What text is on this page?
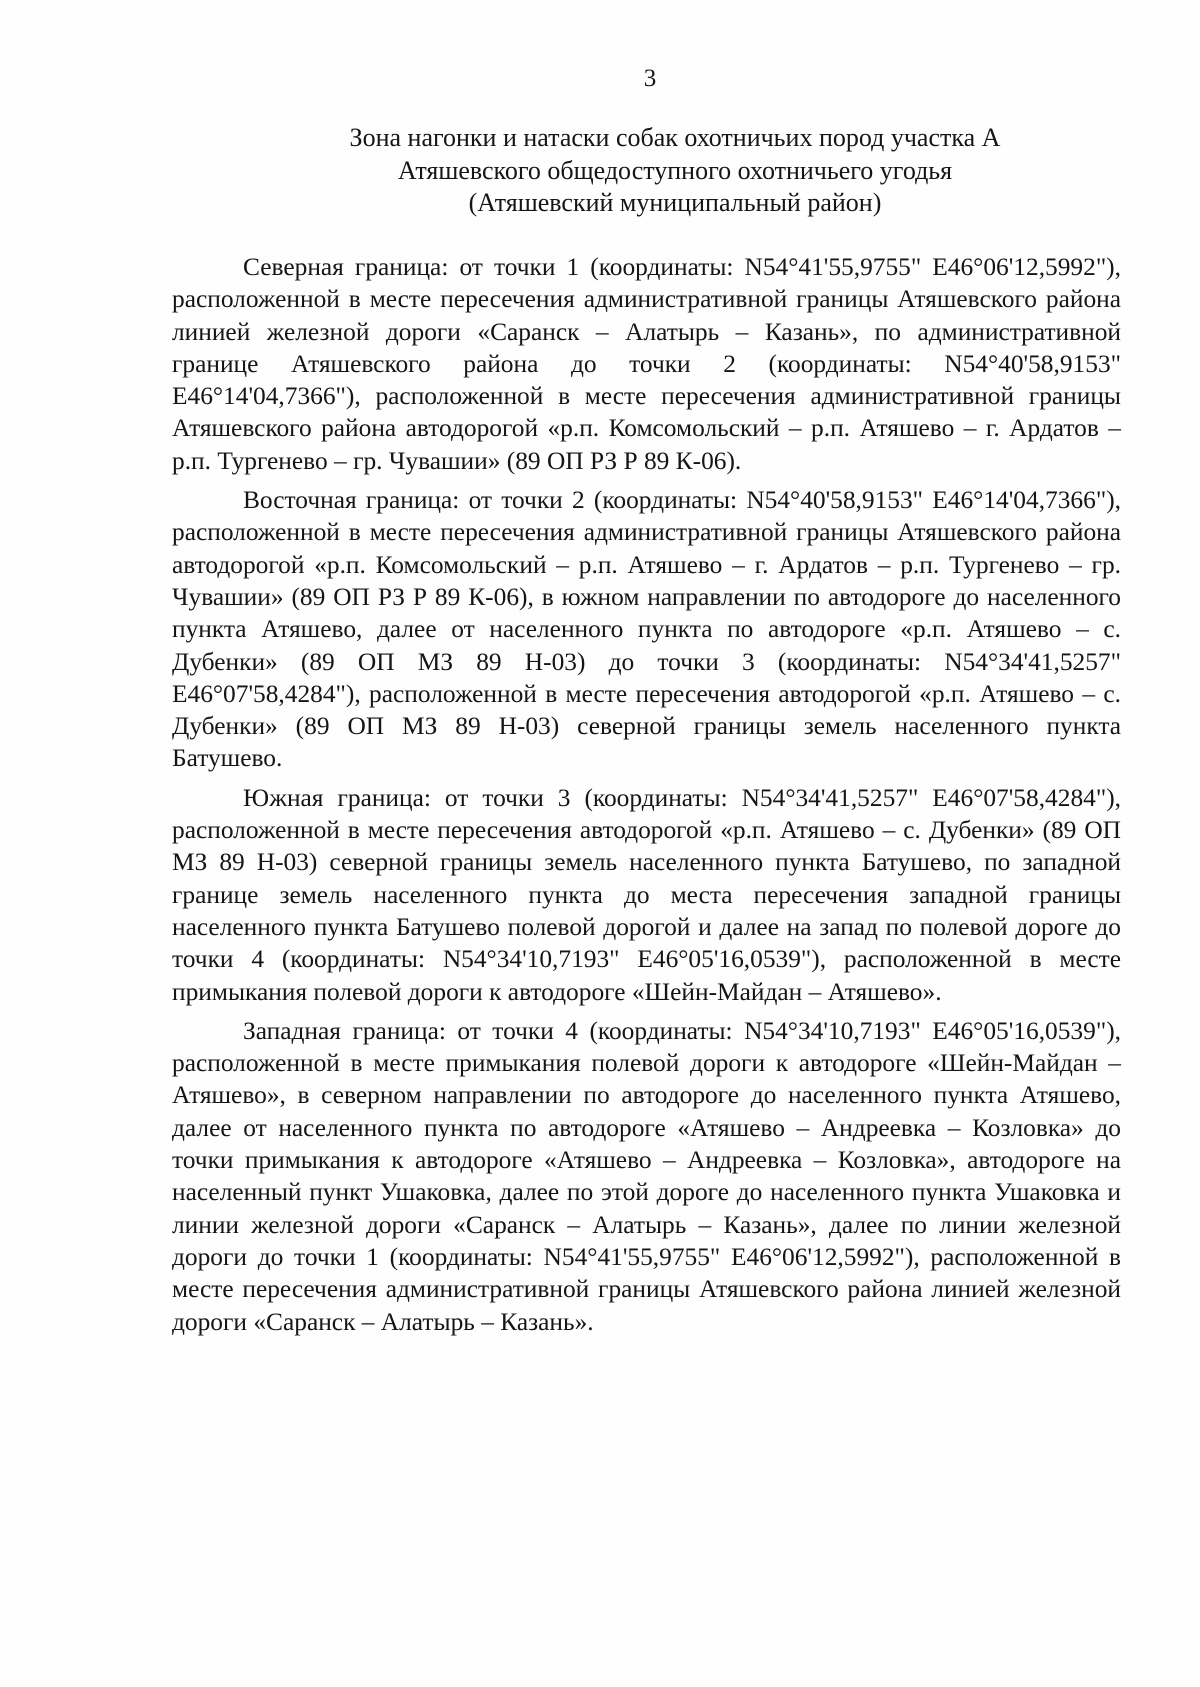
3
Зона нагонки и натаски собак охотничьих пород участка А
Атяшевского общедоступного охотничьего угодья
(Атяшевский муниципальный район)

Северная граница: от точки 1 (координаты: N54°41'55,9755" E46°06'12,5992"), расположенной в месте пересечения административной границы Атяшевского района линией железной дороги «Саранск – Алатырь – Казань», по административной границе Атяшевского района до точки 2 (координаты: N54°40'58,9153" E46°14'04,7366"), расположенной в месте пересечения административной границы Атяшевского района автодорогой «р.п. Комсомольский – р.п. Атяшево – г. Ардатов – р.п. Тургенево – гр. Чувашии» (89 ОП РЗ Р 89 К-06).

Восточная граница: от точки 2 (координаты: N54°40'58,9153" E46°14'04,7366"), расположенной в месте пересечения административной границы Атяшевского района автодорогой «р.п. Комсомольский – р.п. Атяшево – г. Ардатов – р.п. Тургенево – гр. Чувашии» (89 ОП РЗ Р 89 К-06), в южном направлении по автодороге до населенного пункта Атяшево, далее от населенного пункта по автодороге «р.п. Атяшево – с. Дубенки» (89 ОП МЗ 89 Н-03) до точки 3 (координаты: N54°34'41,5257" E46°07'58,4284"), расположенной в месте пересечения автодорогой «р.п. Атяшево – с. Дубенки» (89 ОП МЗ 89 Н-03) северной границы земель населенного пункта Батушево.

Южная граница: от точки 3 (координаты: N54°34'41,5257" E46°07'58,4284"), расположенной в месте пересечения автодорогой «р.п. Атяшево – с. Дубенки» (89 ОП МЗ 89 Н-03) северной границы земель населенного пункта Батушево, по западной границе земель населенного пункта до места пересечения западной границы населенного пункта Батушево полевой дорогой и далее на запад по полевой дороге до точки 4 (координаты: N54°34'10,7193" E46°05'16,0539"), расположенной в месте примыкания полевой дороги к автодороге «Шейн-Майдан – Атяшево».

Западная граница: от точки 4 (координаты: N54°34'10,7193" E46°05'16,0539"), расположенной в месте примыкания полевой дороги к автодороге «Шейн-Майдан – Атяшево», в северном направлении по автодороге до населенного пункта Атяшево, далее от населенного пункта по автодороге «Атяшево – Андреевка – Козловка» до точки примыкания к автодороге «Атяшево – Андреевка – Козловка», автодороге на населенный пункт Ушаковка, далее по этой дороге до населенного пункта Ушаковка и линии железной дороги «Саранск – Алатырь – Казань», далее по линии железной дороги до точки 1 (координаты: N54°41'55,9755" E46°06'12,5992"), расположенной в месте пересечения административной границы Атяшевского района линией железной дороги «Саранск – Алатырь – Казань».
